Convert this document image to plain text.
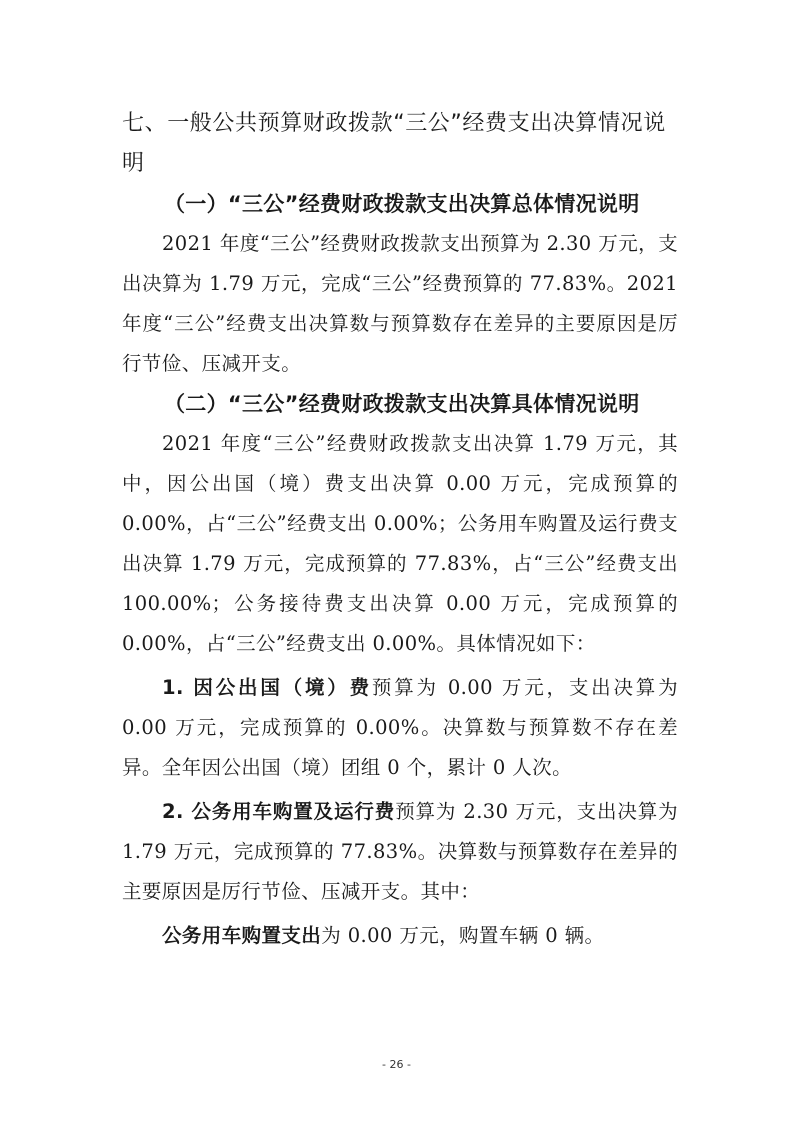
七、一般公共预算财政拨款“三公”经费支出决算情况说明

（一）“三公”经费财政拨款支出决算总体情况说明

2021 年度“三公”经费财政拨款支出预算为 2.30 万元，支出决算为 1.79 万元，完成“三公”经费预算的 77.83%。2021 年度“三公”经费支出决算数与预算数存在差异的主要原因是厉行节俭、压减开支。

（二）“三公”经费财政拨款支出决算具体情况说明

2021 年度“三公”经费财政拨款支出决算 1.79 万元，其中，因公出国（境）费支出决算 0.00 万元，完成预算的 0.00%，占“三公”经费支出 0.00%；公务用车购置及运行费支出决算 1.79 万元，完成预算的 77.83%，占“三公”经费支出 100.00%；公务接待费支出决算 0.00 万元，完成预算的 0.00%，占“三公”经费支出 0.00%。具体情况如下：

1. 因公出国（境）费预算为 0.00 万元，支出决算为 0.00 万元，完成预算的 0.00%。决算数与预算数不存在差异。全年因公出国（境）团组 0 个，累计 0 人次。

2. 公务用车购置及运行费预算为 2.30 万元，支出决算为 1.79 万元，完成预算的 77.83%。决算数与预算数存在差异的主要原因是厉行节俭、压减开支。其中：

公务用车购置支出为 0.00 万元，购置车辆 0 辆。

- 26 -
